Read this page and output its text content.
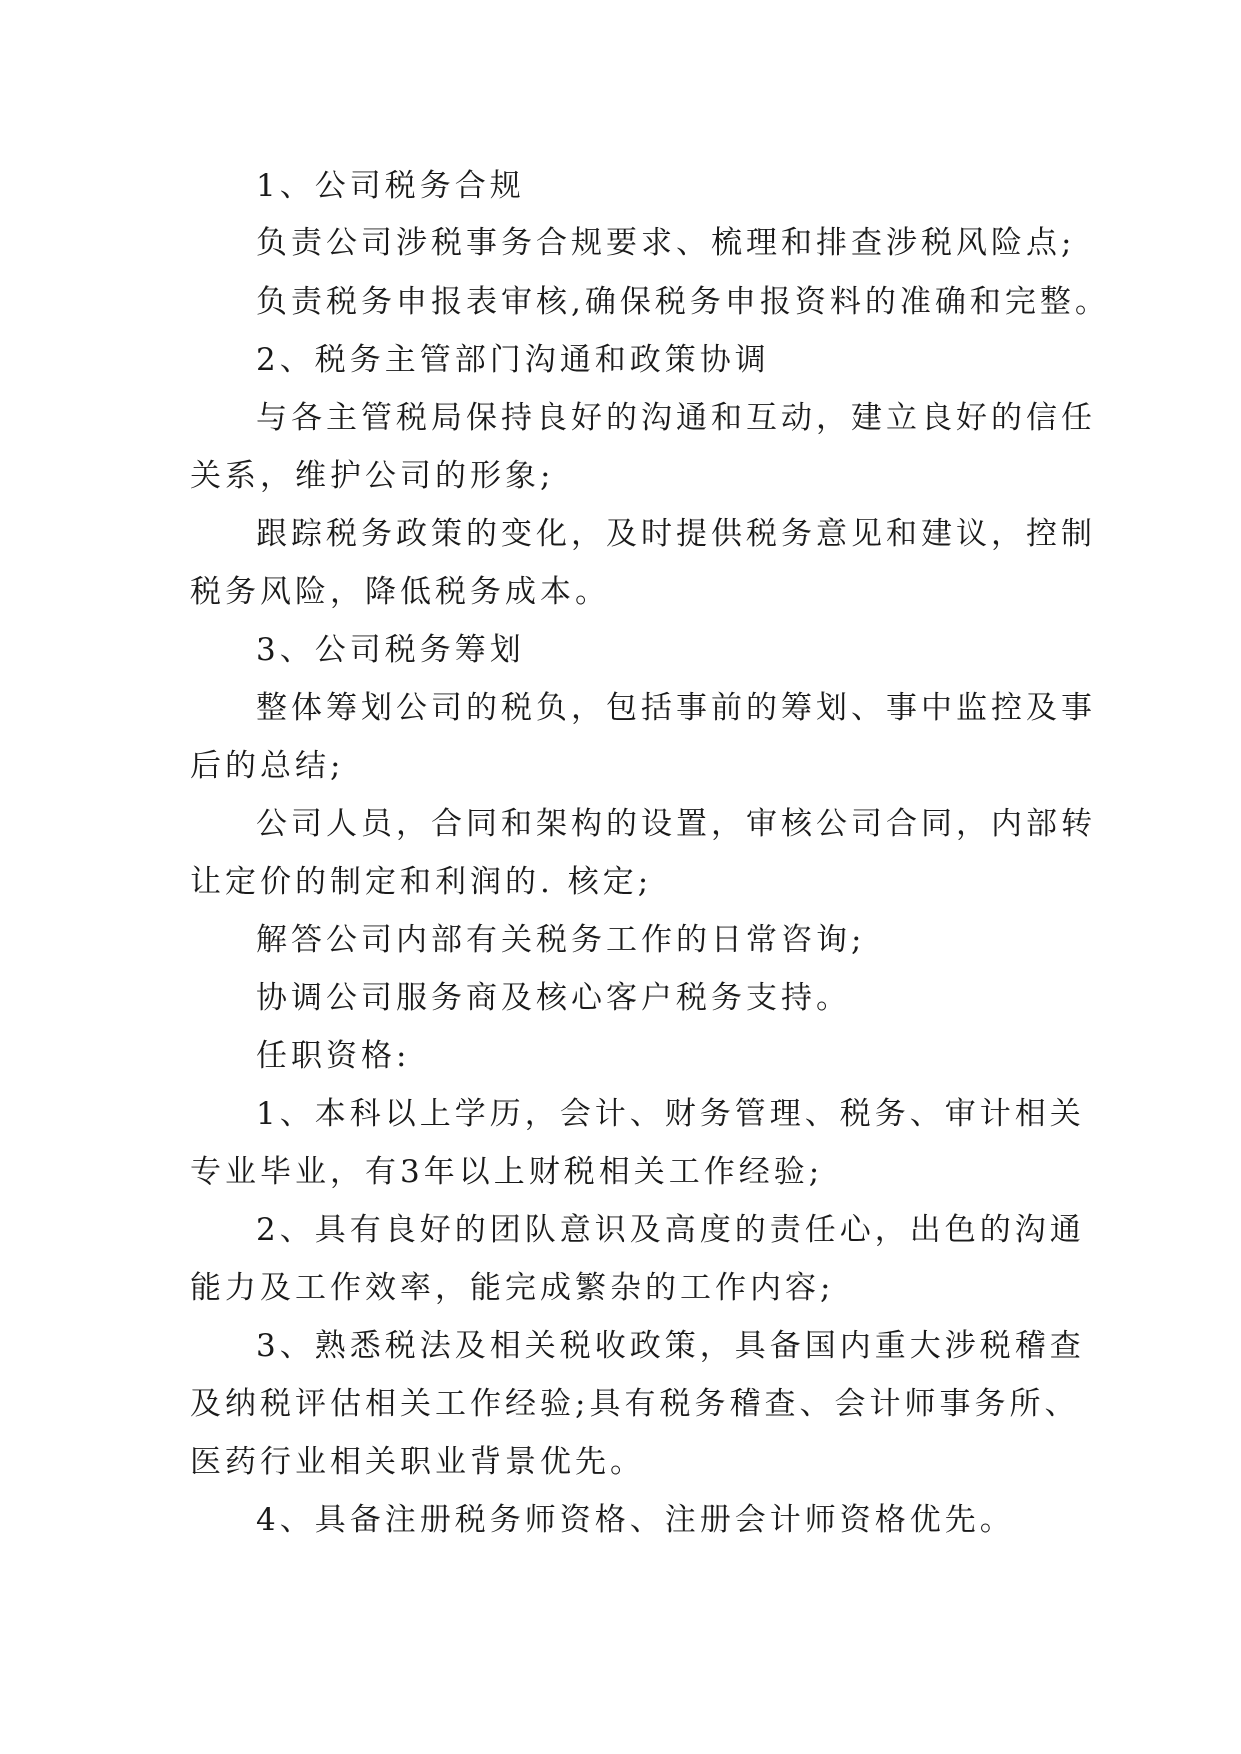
1、公司税务合规
负责公司涉税事务合规要求、梳理和排查涉税风险点;
负责税务申报表审核,确保税务申报资料的准确和完整。
2、税务主管部门沟通和政策协调
与各主管税局保持良好的沟通和互动，建立良好的信任
关系，维护公司的形象;
跟踪税务政策的变化，及时提供税务意见和建议，控制
税务风险，降低税务成本。
3、公司税务筹划
整体筹划公司的税负，包括事前的筹划、事中监控及事
后的总结;
公司人员，合同和架构的设置，审核公司合同，内部转
让定价的制定和利润的. 核定;
解答公司内部有关税务工作的日常咨询;
协调公司服务商及核心客户税务支持。
任职资格:
1、本科以上学历，会计、财务管理、税务、审计相关
专业毕业，有3年以上财税相关工作经验;
2、具有良好的团队意识及高度的责任心，出色的沟通
能力及工作效率，能完成繁杂的工作内容;
3、熟悉税法及相关税收政策，具备国内重大涉税稽查
及纳税评估相关工作经验;具有税务稽查、会计师事务所、
医药行业相关职业背景优先。
4、具备注册税务师资格、注册会计师资格优先。
